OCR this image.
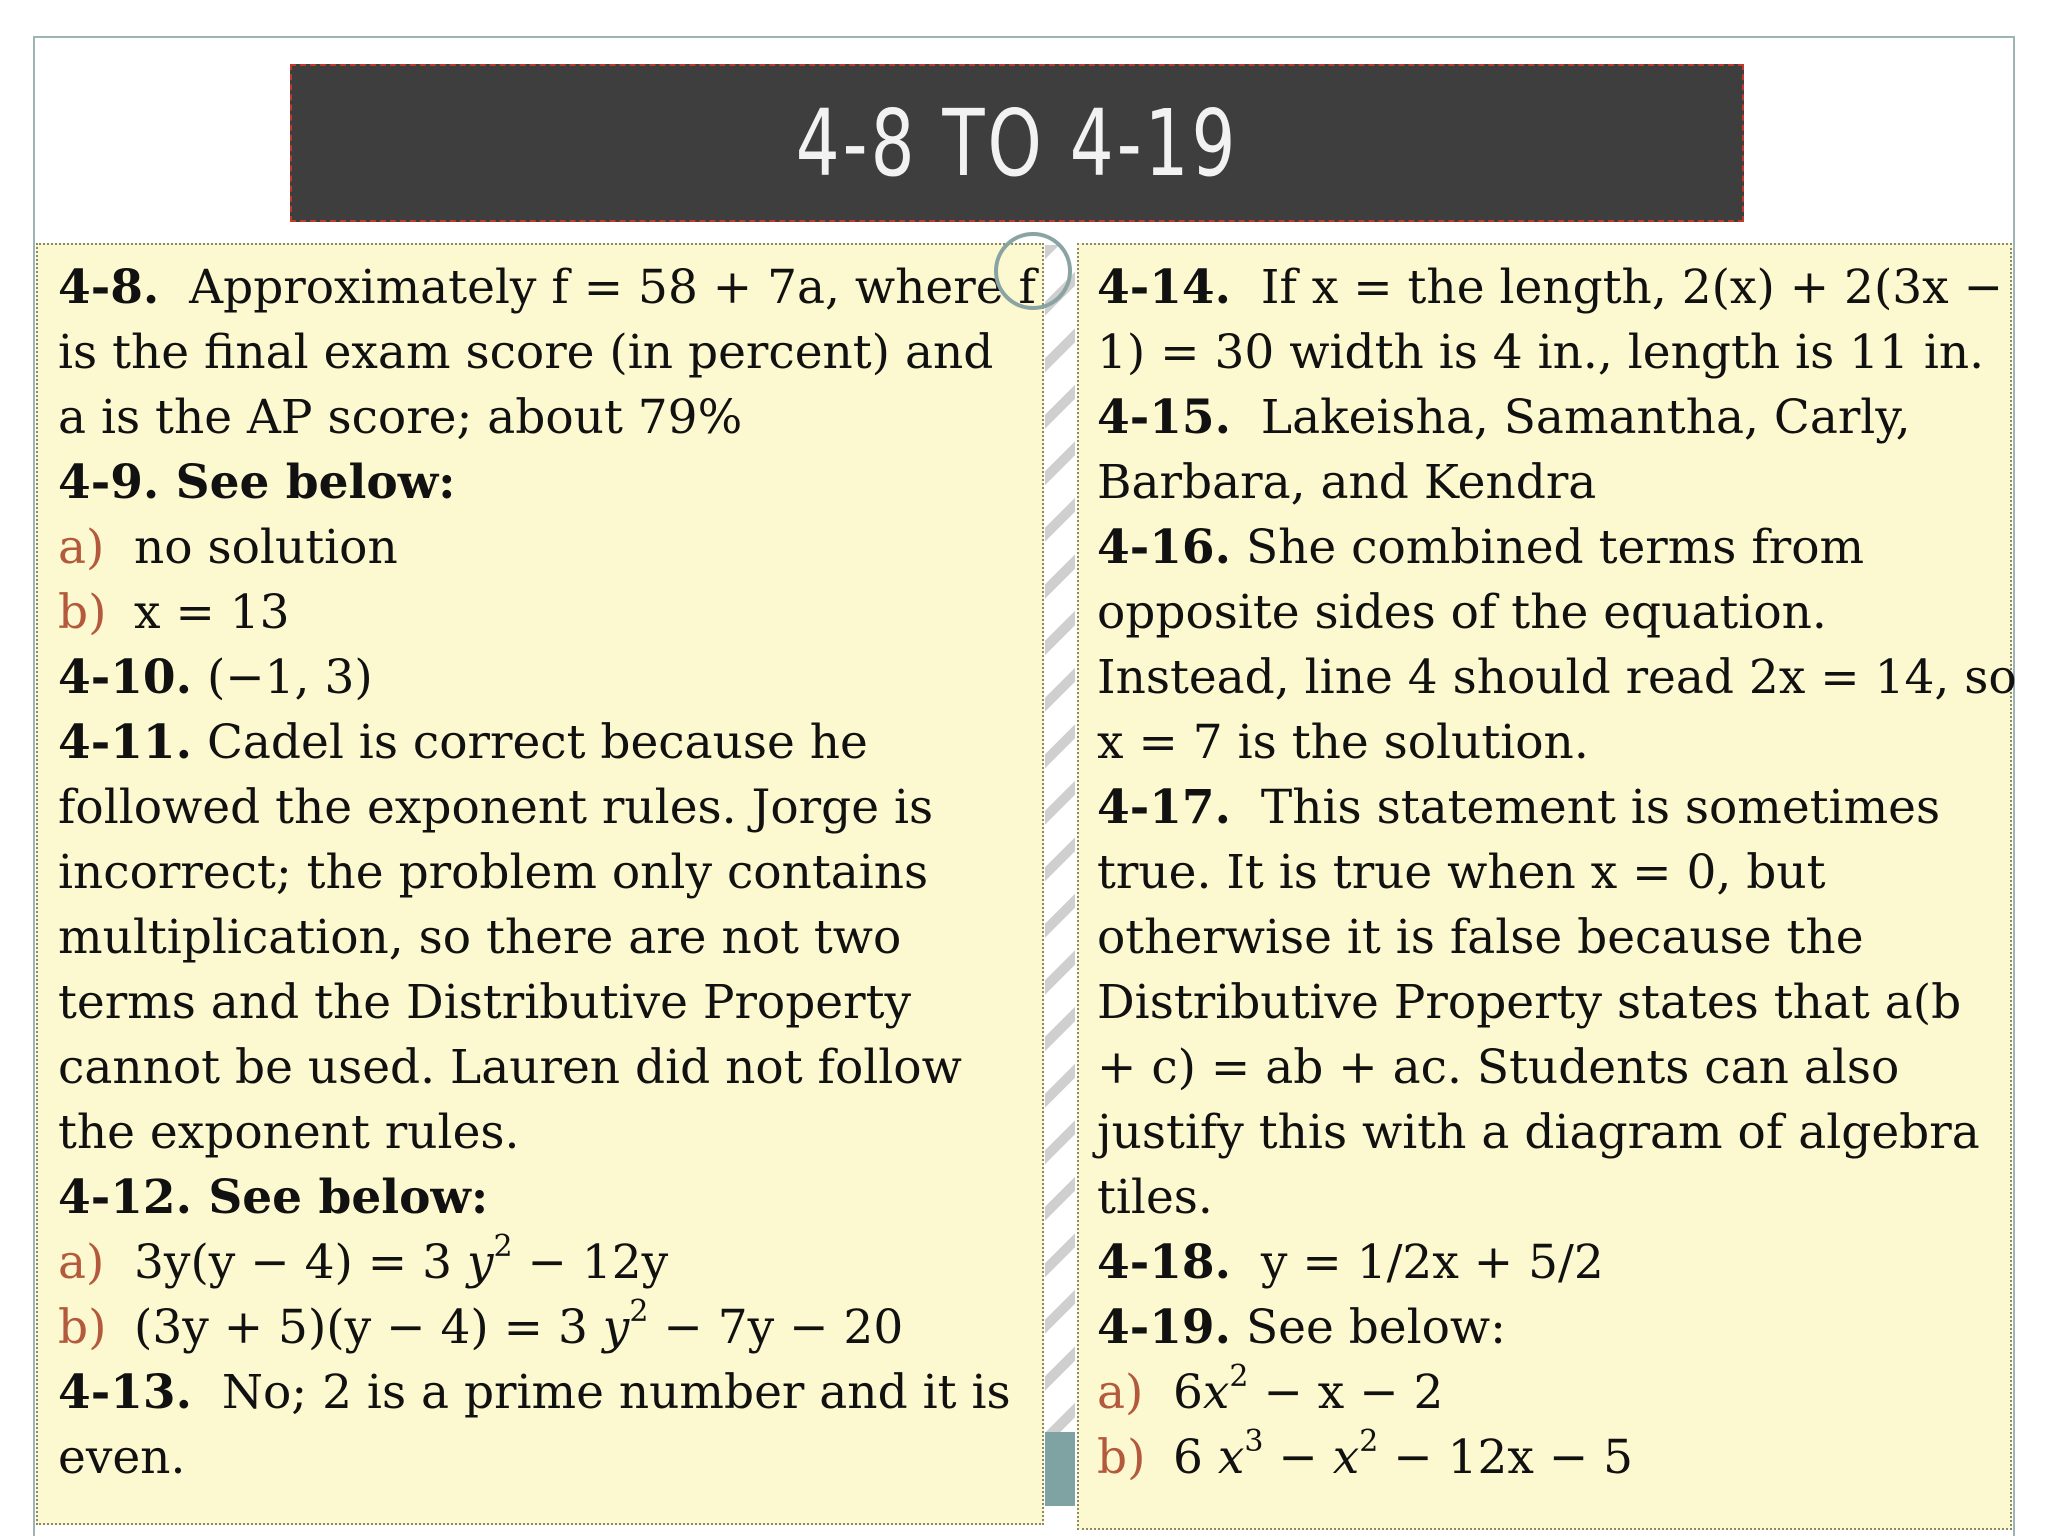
4-8 TO 4-19
4-8. Approximately f = 58 + 7a, where f
is the final exam score (in percent) and
a is the AP score; about 79%
4-9. See below:
a) no solution
b) x = 13
4-10. (−1, 3)
4-11. Cadel is correct because he
followed the exponent rules. Jorge is
incorrect; the problem only contains
multiplication, so there are not two
terms and the Distributive Property
cannot be used. Lauren did not follow
the exponent rules.
4-12. See below:
a) 3y(y − 4) = 3 $y^2 - 12y$
b) (3y + 5)(y − 4) = 3 $y^2 - 7y - 20$
4-13. No; 2 is a prime number and it is
even.
4-14. If x = the length, 2(x) + 2(3x −
1) = 30 width is 4 in., length is 11 in.
4-15. Lakeisha, Samantha, Carly,
Barbara, and Kendra
4-16. She combined terms from
opposite sides of the equation.
Instead, line 4 should read 2x = 14, so
x = 7 is the solution.
4-17. This statement is sometimes
true. It is true when x = 0, but
otherwise it is false because the
Distributive Property states that a(b
+ c) = ab + ac. Students can also
justify this with a diagram of algebra
tiles.
4-18. y = 1/2x + 5/2
4-19. See below:
a) $6x^2 - x - 2$
b) 6 $x^3 - x^2 - 12x - 5$
